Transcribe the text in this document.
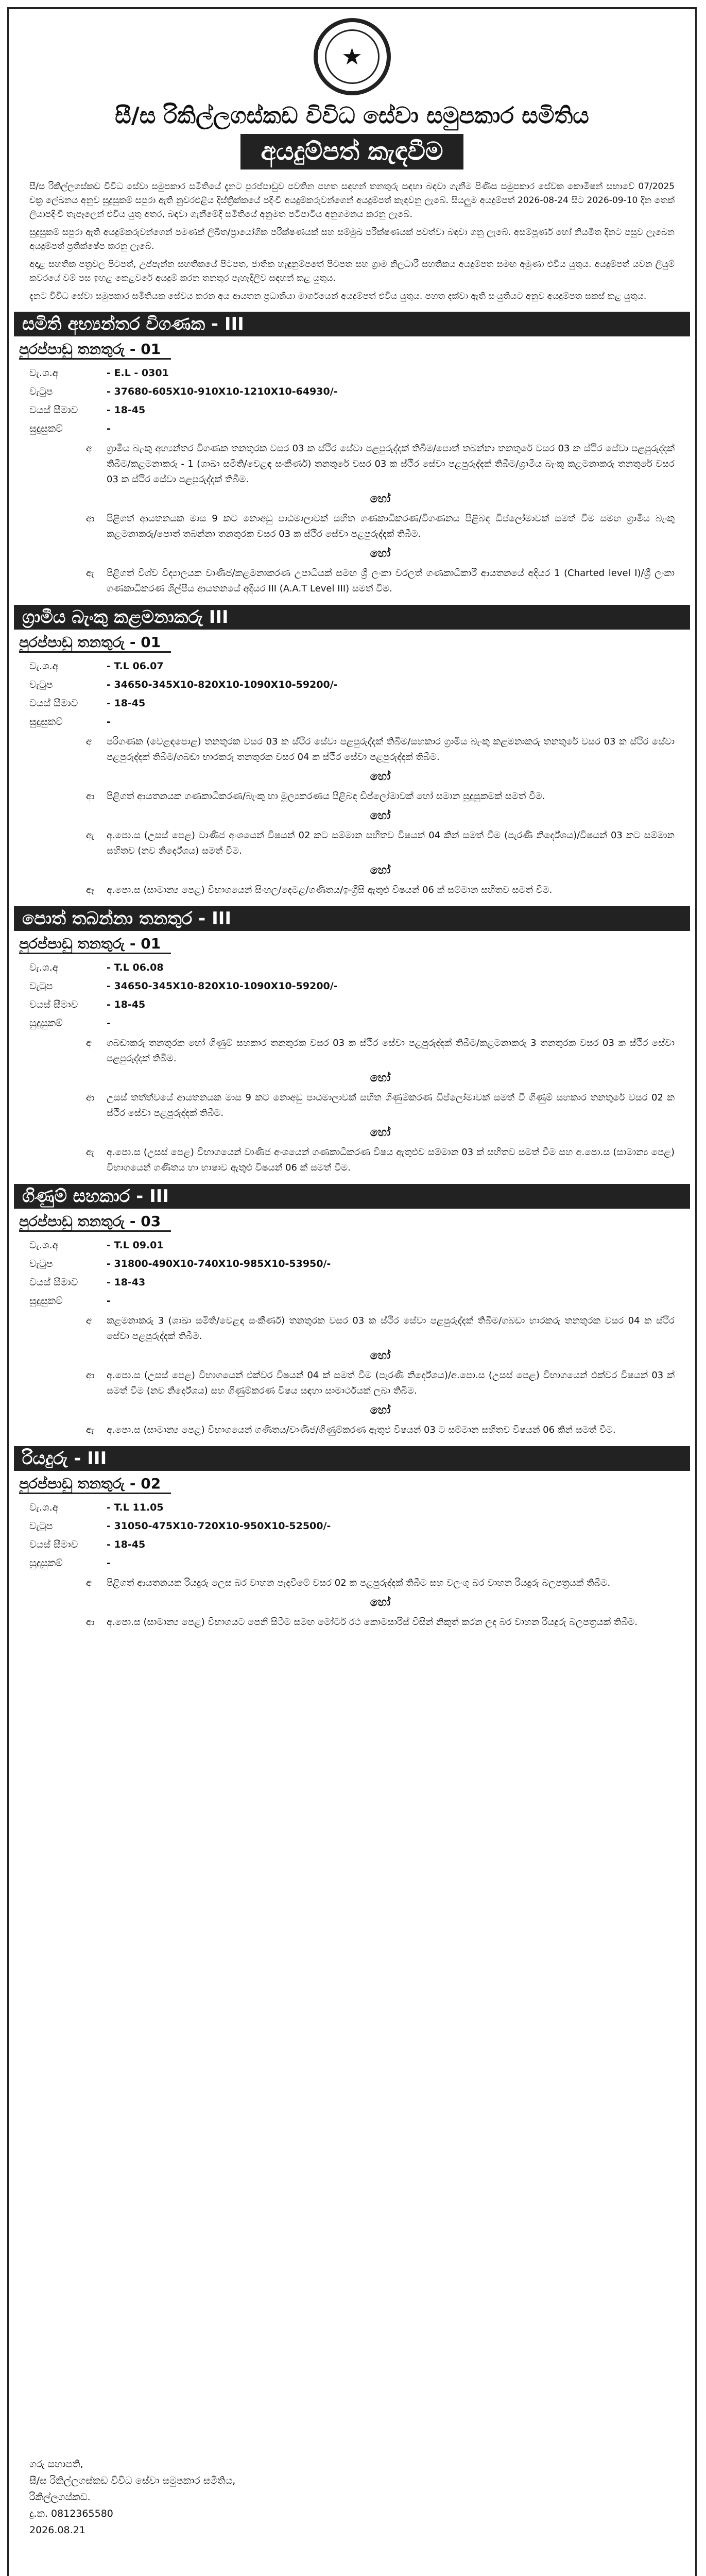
★
සී/ස රිකිල්ලගස්කඩ විවිධ සේවා සමුපකාර සමිතිය
අයදුම්පත් කැඳවීම

සී/ස රිකිල්ලගස්කඩ විවිධ සේවා සමුපකාර සමිතියේ දැනට පුරප්පාඩුව පවතින පහත සඳහන් තනතුරු සඳහා බඳවා ගැනීම පිණිස සමුපකාර සේවක කොමිෂන් සභාවේ 07/2025 චක්‍ර ලේඛනය අනුව සුදුසුකම් සපුරා ඇති නුවරඑළිය දිස්ත්‍රික්කයේ පදිංචි අයදුම්කරුවන්ගෙන් අයදුම්පත් කැඳවනු ලැබේ. සියලුම අයදුම්පත් 2026-08-24 සිට 2026-09-10 දින තෙක් ලියාපදිංචි තැපෑලෙන් එවිය යුතු අතර, බඳවා ගැනීමේදී සමිතියේ අනුමත පටිපාටිය අනුගමනය කරනු ලැබේ.

සුදුසුකම් සපුරා ඇති අයදුම්කරුවන්ගෙන් පමණක් ලිඛිත/ප්‍රායෝගික පරීක්ෂණයක් සහ සම්මුඛ පරීක්ෂණයක් පවත්වා බඳවා ගනු ලැබේ. අසම්පූර්ණ හෝ නියමිත දිනට පසුව ලැබෙන අයදුම්පත් ප්‍රතික්ෂේප කරනු ලැබේ.

අදාළ සහතික පත්‍රවල පිටපත්, උප්පැන්න සහතිකයේ පිටපත, ජාතික හැඳුනුම්පතේ පිටපත සහ ග්‍රාම නිලධාරී සහතිකය අයදුම්පත සමඟ අමුණා එවිය යුතුය. අයදුම්පත් යවන ලියුම් කවරයේ වම් පස ඉහළ කෙළවරේ අයදුම් කරන තනතුර පැහැදිලිව සඳහන් කළ යුතුය.

දැනට විවිධ සේවා සමුපකාර සමිතියක සේවය කරන අය ආයතන ප්‍රධානියා මාර්ගයෙන් අයදුම්පත් එවිය යුතුය. පහත දක්වා ඇති සංයුතියට අනුව අයදුම්පත සකස් කළ යුතුය.

සමිති අභ්‍යන්තර විගණක - III
පුරප්පාඩු තනතුරු - 01
වැ.ශ.අ	- E.L - 0301
වැටුප	- 37680-605X10-910X10-1210X10-64930/-
වයස් සීමාව	- 18-45
සුදුසුකම්	-
අ	ග්‍රාමීය බැංකු අභ්‍යන්තර විගණක තනතුරක වසර 03 ක ස්ථිර සේවා පළපුරුද්දක් තිබීම/පොත් තබන්නා තනතුරේ වසර 03 ක ස්ථිර සේවා පළපුරුද්දක් තිබීම/කළමනාකරු - 1 (ශාඛා සමිති/වෙළඳ සංකීර්ණ) තනතුරේ වසර 03 ක ස්ථිර සේවා පළපුරුද්දක් තිබීම/ග්‍රාමීය බැංකු කළමනාකරු තනතුරේ වසර 03 ක ස්ථිර සේවා පළපුරුද්දක් තිබීම.
හෝ
ආ	පිළිගත් ආයතනයක මාස 9 කට නොඅඩු පාඨමාලාවක් සහිත ගණකාධිකරණ/විගණනය පිළිබඳ ඩිප්ලෝමාවක් සමත් වීම සමඟ ග්‍රාමීය බැංකු කළමනාකරු/පොත් තබන්නා තනතුරක වසර 03 ක ස්ථිර සේවා පළපුරුද්දක් තිබීම.
හෝ
ඇ	පිළිගත් විශ්ව විද්‍යාලයක වාණිජ/කළමනාකරණ උපාධියක් සමඟ ශ්‍රී ලංකා වරලත් ගණකාධිකාරී ආයතනයේ අදියර 1 (Charted level I)/ශ්‍රී ලංකා ගණකාධිකරණ ශිල්පීය ආයතනයේ අදියර III (A.A.T Level III) සමත් වීම.
ග්‍රාමීය බැංකු කළමනාකරු III
පුරප්පාඩු තනතුරු - 01
වැ.ශ.අ	- T.L 06.07
වැටුප	- 34650-345X10-820X10-1090X10-59200/-
වයස් සීමාව	- 18-45
සුදුසුකම්	-
අ	පරිගණක (වෙළඳපොළ) තනතුරක වසර 03 ක ස්ථිර සේවා පළපුරුද්දක් තිබීම/සහකාර ග්‍රාමීය බැංකු කළමනාකරු තනතුරේ වසර 03 ක ස්ථිර සේවා පළපුරුද්දක් තිබීම/ගබඩා භාරකරු තනතුරක වසර 04 ක ස්ථිර සේවා පළපුරුද්දක් තිබීම.
හෝ
ආ	පිළිගත් ආයතනයක ගණකාධිකරණ/බැංකු හා මූල්‍යකරණය පිළිබඳ ඩිප්ලෝමාවක් හෝ සමාන සුදුසුකමක් සමත් වීම.
හෝ
ඇ	අ.පො.ස (උසස් පෙළ) වාණිජ අංශයෙන් විෂයන් 02 කට සම්මාන සහිතව විෂයන් 04 කින් සමත් වීම (පැරණි නිර්දේශය)/විෂයන් 03 කට සම්මාන සහිතව (නව නිර්දේශය) සමත් වීම.
හෝ
ඈ	අ.පො.ස (සාමාන්‍ය පෙළ) විභාගයෙන් සිංහල/දෙමළ/ගණිතය/ඉංග්‍රීසි ඇතුළු විෂයන් 06 ක් සම්මාන සහිතව සමත් වීම.
පොත් තබන්නා තනතුර - III
පුරප්පාඩු තනතුරු - 01
වැ.ශ.අ	- T.L 06.08
වැටුප	- 34650-345X10-820X10-1090X10-59200/-
වයස් සීමාව	- 18-45
සුදුසුකම්	-
අ	ගබඩාකරු තනතුරක හෝ ගිණුම් සහකාර තනතුරක වසර 03 ක ස්ථිර සේවා පළපුරුද්දක් තිබීම/කළමනාකරු 3 තනතුරක වසර 03 ක ස්ථිර සේවා පළපුරුද්දක් තිබීම.
හෝ
ආ	උසස් තත්ත්වයේ ආයතනයක මාස 9 කට නොඅඩු පාඨමාලාවක් සහිත ගිණුම්කරණ ඩිප්ලෝමාවක් සමත් වී ගිණුම් සහකාර තනතුරේ වසර 02 ක ස්ථිර සේවා පළපුරුද්දක් තිබීම.
හෝ
ඇ	අ.පො.ස (උසස් පෙළ) විභාගයෙන් වාණිජ අංශයෙන් ගණකාධිකරණ විෂය ඇතුළුව සම්මාන 03 ක් සහිතව සමත් වීම සහ අ.පො.ස (සාමාන්‍ය පෙළ) විභාගයෙන් ගණිතය හා භාෂාව ඇතුළු විෂයන් 06 ක් සමත් වීම.
ගිණුම් සහකාර - III
පුරප්පාඩු තනතුරු - 03
වැ.ශ.අ	- T.L 09.01
වැටුප	- 31800-490X10-740X10-985X10-53950/-
වයස් සීමාව	- 18-43
සුදුසුකම්	-
අ	කළමනාකරු 3 (ශාඛා සමිති/වෙළඳ සංකීර්ණ) තනතුරක වසර 03 ක ස්ථිර සේවා පළපුරුද්දක් තිබීම/ගබඩා භාරකරු තනතුරක වසර 04 ක ස්ථිර සේවා පළපුරුද්දක් තිබීම.
හෝ
ආ	අ.පො.ස (උසස් පෙළ) විභාගයෙන් එක්වර විෂයන් 04 ක් සමත් වීම (පැරණි නිර්දේශය)/අ.පො.ස (උසස් පෙළ) විභාගයෙන් එක්වර විෂයන් 03 ක් සමත් වීම (නව නිර්දේශය) සහ ගිණුම්කරණ විෂය සඳහා සාමාර්ථයක් ලබා තිබීම.
හෝ
ඇ	අ.පො.ස (සාමාන්‍ය පෙළ) විභාගයෙන් ගණිතය/වාණිජ/ගිණුම්කරණ ඇතුළු විෂයන් 03 ට සම්මාන සහිතව විෂයන් 06 කින් සමත් වීම.
රියදුරු - III
පුරප්පාඩු තනතුරු - 02
වැ.ශ.අ	- T.L 11.05
වැටුප	- 31050-475X10-720X10-950X10-52500/-
වයස් සීමාව	- 18-45
සුදුසුකම්	-
අ	පිළිගත් ආයතනයක රියදුරු ලෙස බර වාහන පැදවීමේ වසර 02 ක පළපුරුද්දක් තිබීම සහ වලංගු බර වාහන රියදුරු බලපත්‍රයක් තිබීම.
හෝ
ආ	අ.පො.ස (සාමාන්‍ය පෙළ) විභාගයට පෙනී සිටීම සමඟ මෝටර් රථ කොමසාරිස් විසින් නිකුත් කරන ලද බර වාහන රියදුරු බලපත්‍රයක් තිබීම.
ගරු සභාපති,
සී/ස රිකිල්ලගස්කඩ විවිධ සේවා සමුපකාර සමිතිය,
රිකිල්ලගස්කඩ.
දු.ක. 0812365580
2026.08.21
